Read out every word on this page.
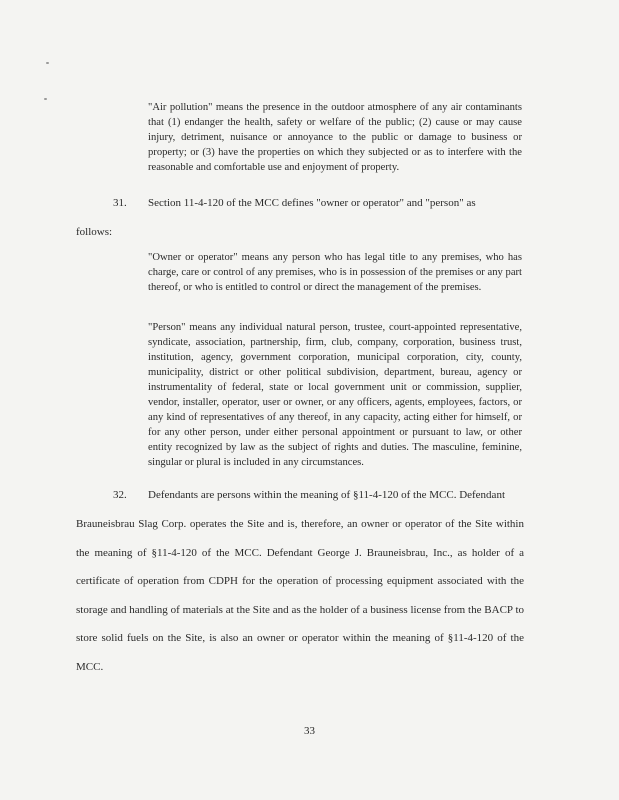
"Air pollution" means the presence in the outdoor atmosphere of any air contaminants that (1) endanger the health, safety or welfare of the public; (2) cause or may cause injury, detriment, nuisance or annoyance to the public or damage to business or property; or (3) have the properties on which they subjected or as to interfere with the reasonable and comfortable use and enjoyment of property.
31. Section 11-4-120 of the MCC defines "owner or operator" and "person" as
follows:
"Owner or operator" means any person who has legal title to any premises, who has charge, care or control of any premises, who is in possession of the premises or any part thereof, or who is entitled to control or direct the management of the premises.
"Person" means any individual natural person, trustee, court-appointed representative, syndicate, association, partnership, firm, club, company, corporation, business trust, institution, agency, government corporation, municipal corporation, city, county, municipality, district or other political subdivision, department, bureau, agency or instrumentality of federal, state or local government unit or commission, supplier, vendor, installer, operator, user or owner, or any officers, agents, employees, factors, or any kind of representatives of any thereof, in any capacity, acting either for himself, or for any other person, under either personal appointment or pursuant to law, or other entity recognized by law as the subject of rights and duties. The masculine, feminine, singular or plural is included in any circumstances.
32. Defendants are persons within the meaning of §11-4-120 of the MCC. Defendant
Brauneisbrau Slag Corp. operates the Site and is, therefore, an owner or operator of the Site within the meaning of §11-4-120 of the MCC. Defendant George J. Brauneisbrau, Inc., as holder of a certificate of operation from CDPH for the operation of processing equipment associated with the storage and handling of materials at the Site and as the holder of a business license from the BACP to store solid fuels on the Site, is also an owner or operator within the meaning of §11-4-120 of the MCC.
33
